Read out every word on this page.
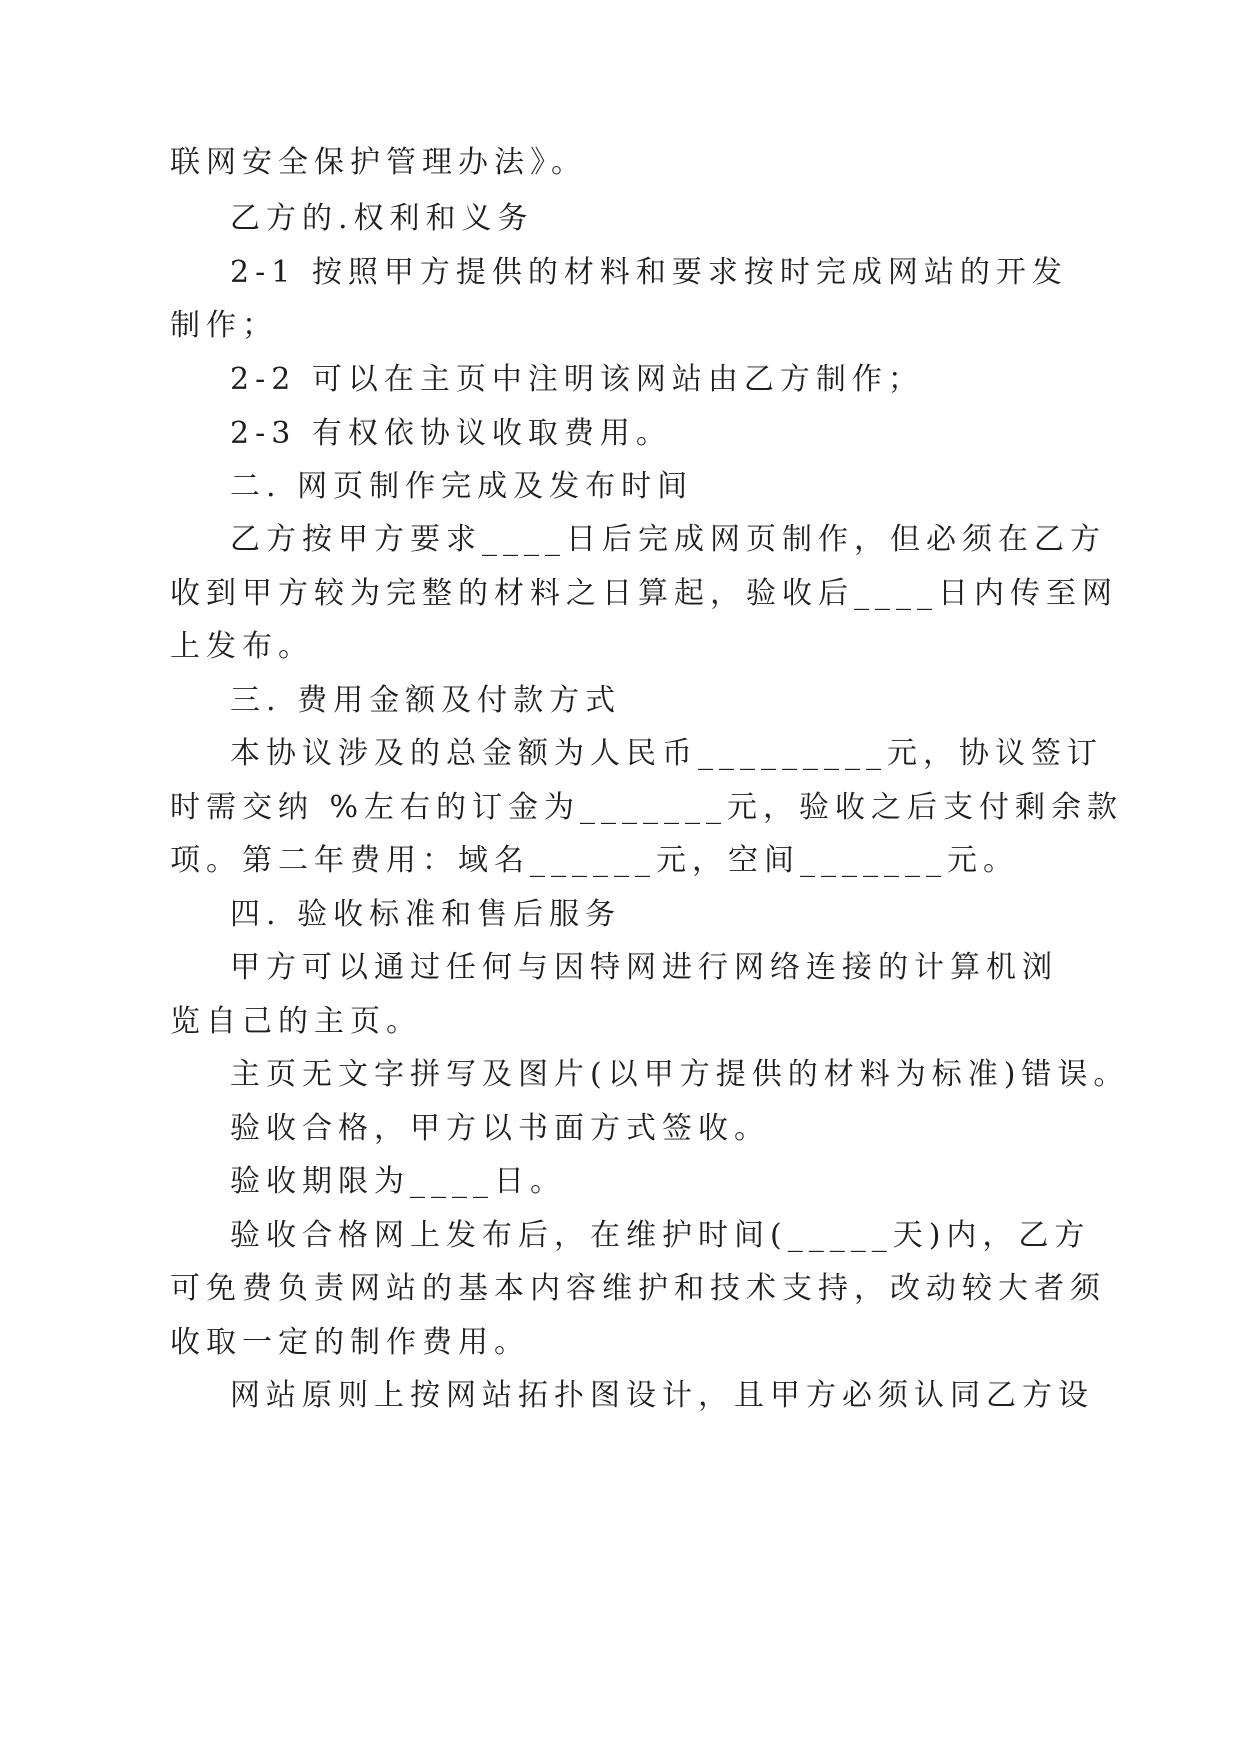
联网安全保护管理办法》。

乙方的.权利和义务

2-1 按照甲方提供的材料和要求按时完成网站的开发

制作；

2-2 可以在主页中注明该网站由乙方制作；

2-3 有权依协议收取费用。

二. 网页制作完成及发布时间

乙方按甲方要求____日后完成网页制作，但必须在乙方

收到甲方较为完整的材料之日算起，验收后____日内传至网

上发布。

三. 费用金额及付款方式

本协议涉及的总金额为人民币_________元，协议签订

时需交纳 %左右的订金为_______元，验收之后支付剩余款

项。第二年费用：域名______元，空间_______元。

四. 验收标准和售后服务

甲方可以通过任何与因特网进行网络连接的计算机浏

览自己的主页。

主页无文字拼写及图片(以甲方提供的材料为标准)错误。

验收合格，甲方以书面方式签收。

验收期限为____日。

验收合格网上发布后，在维护时间(_____天)内，乙方

可免费负责网站的基本内容维护和技术支持，改动较大者须

收取一定的制作费用。

网站原则上按网站拓扑图设计，且甲方必须认同乙方设
